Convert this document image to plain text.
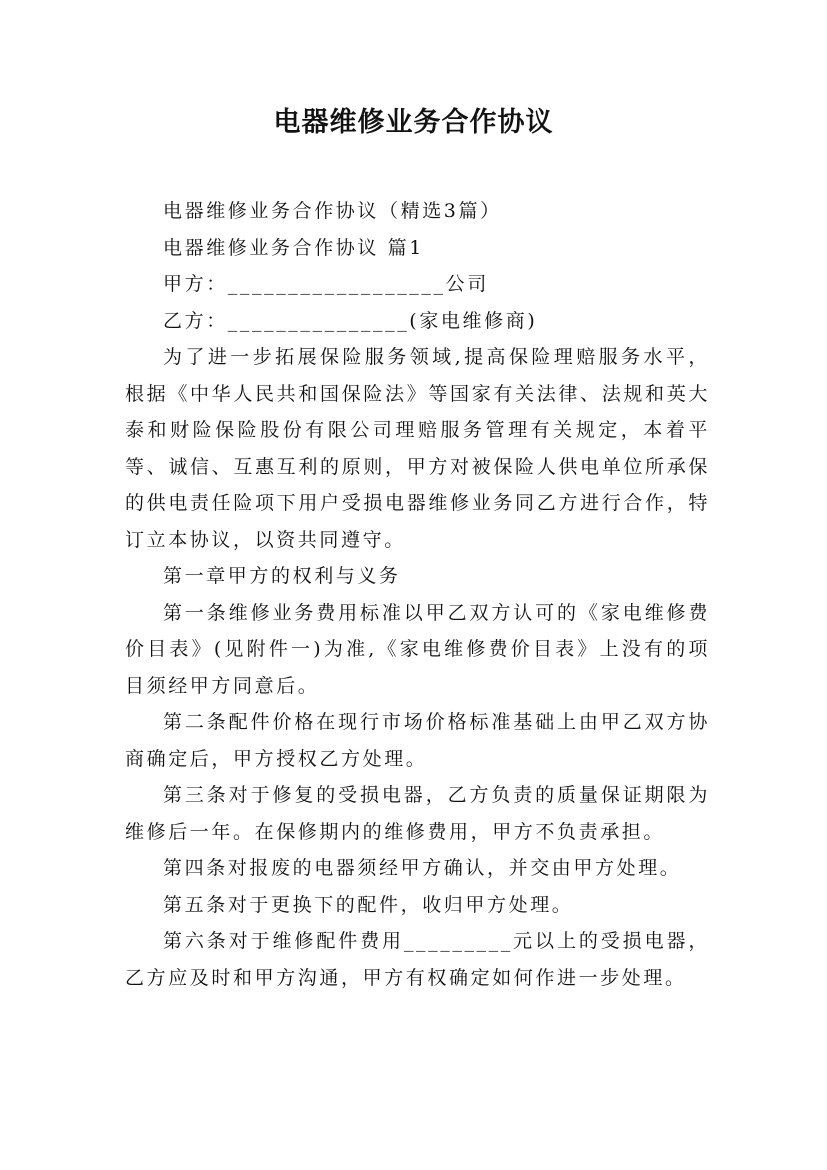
电器维修业务合作协议

电器维修业务合作协议（精选3篇）

电器维修业务合作协议 篇1

甲方：__________________公司

乙方：_______________(家电维修商)

为了进一步拓展保险服务领域,提高保险理赔服务水平，根据《中华人民共和国保险法》等国家有关法律、法规和英大泰和财险保险股份有限公司理赔服务管理有关规定，本着平等、诚信、互惠互利的原则，甲方对被保险人供电单位所承保的供电责任险项下用户受损电器维修业务同乙方进行合作，特订立本协议，以资共同遵守。

第一章甲方的权利与义务

第一条维修业务费用标准以甲乙双方认可的《家电维修费价目表》(见附件一)为准,《家电维修费价目表》上没有的项目须经甲方同意后。

第二条配件价格在现行市场价格标准基础上由甲乙双方协商确定后，甲方授权乙方处理。

第三条对于修复的受损电器，乙方负责的质量保证期限为维修后一年。在保修期内的维修费用，甲方不负责承担。

第四条对报废的电器须经甲方确认，并交由甲方处理。

第五条对于更换下的配件，收归甲方处理。

第六条对于维修配件费用_________元以上的受损电器，乙方应及时和甲方沟通，甲方有权确定如何作进一步处理。
